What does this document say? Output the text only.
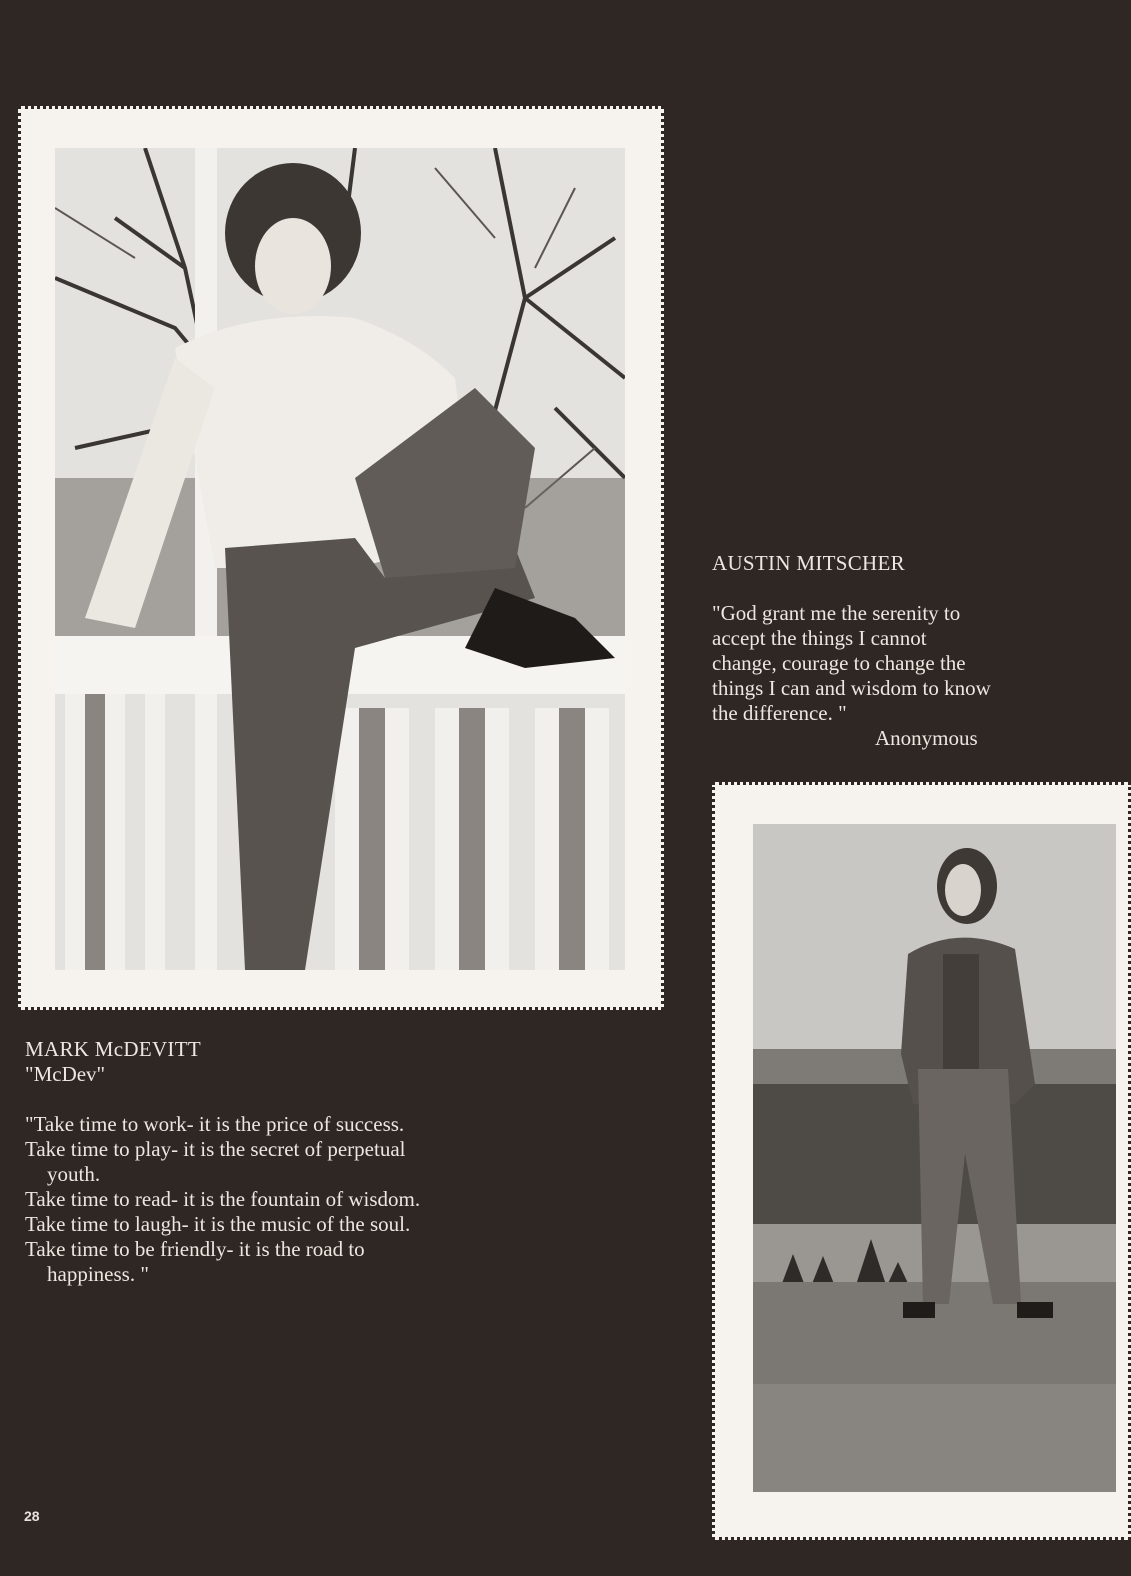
AUSTIN MITSCHER
"God grant me the serenity to
accept the things I cannot
change, courage to change the
things I can and wisdom to know
the difference. "
Anonymous
MARK McDEVITT
"McDev"
"Take time to work- it is the price of success.
Take time to play- it is the secret of perpetual
youth.
Take time to read- it is the fountain of wisdom.
Take time to laugh- it is the music of the soul.
Take time to be friendly- it is the road to
happiness. "
28
